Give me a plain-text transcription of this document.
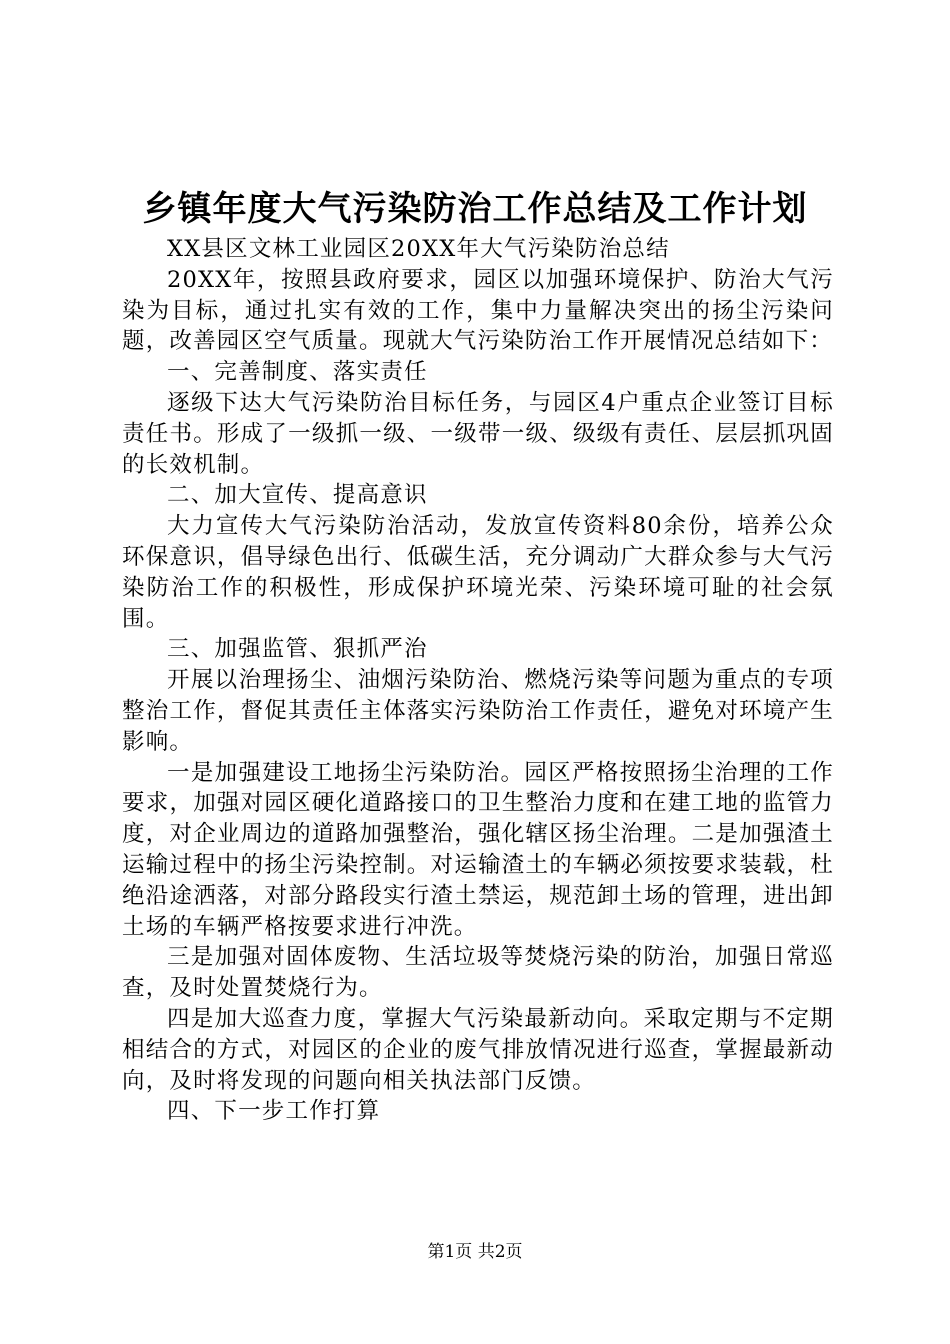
乡镇年度大气污染防治工作总结及工作计划

XX县区文林工业园区20XX年大气污染防治总结

20XX年，按照县政府要求，园区以加强环境保护、防治大气污染为目标，通过扎实有效的工作，集中力量解决突出的扬尘污染问题，改善园区空气质量。现就大气污染防治工作开展情况总结如下：

一、完善制度、落实责任

逐级下达大气污染防治目标任务，与园区4户重点企业签订目标责任书。形成了一级抓一级、一级带一级、级级有责任、层层抓巩固的长效机制。

二、加大宣传、提高意识

大力宣传大气污染防治活动，发放宣传资料80余份，培养公众环保意识，倡导绿色出行、低碳生活，充分调动广大群众参与大气污染防治工作的积极性，形成保护环境光荣、污染环境可耻的社会氛围。

三、加强监管、狠抓严治

开展以治理扬尘、油烟污染防治、燃烧污染等问题为重点的专项整治工作，督促其责任主体落实污染防治工作责任，避免对环境产生影响。

一是加强建设工地扬尘污染防治。园区严格按照扬尘治理的工作要求，加强对园区硬化道路接口的卫生整治力度和在建工地的监管力度，对企业周边的道路加强整治，强化辖区扬尘治理。二是加强渣土运输过程中的扬尘污染控制。对运输渣土的车辆必须按要求装载，杜绝沿途洒落，对部分路段实行渣土禁运，规范卸土场的管理，进出卸土场的车辆严格按要求进行冲洗。

三是加强对固体废物、生活垃圾等焚烧污染的防治，加强日常巡查，及时处置焚烧行为。

四是加大巡查力度，掌握大气污染最新动向。采取定期与不定期相结合的方式，对园区的企业的废气排放情况进行巡查，掌握最新动向，及时将发现的问题向相关执法部门反馈。

四、下一步工作打算

第1页 共2页
